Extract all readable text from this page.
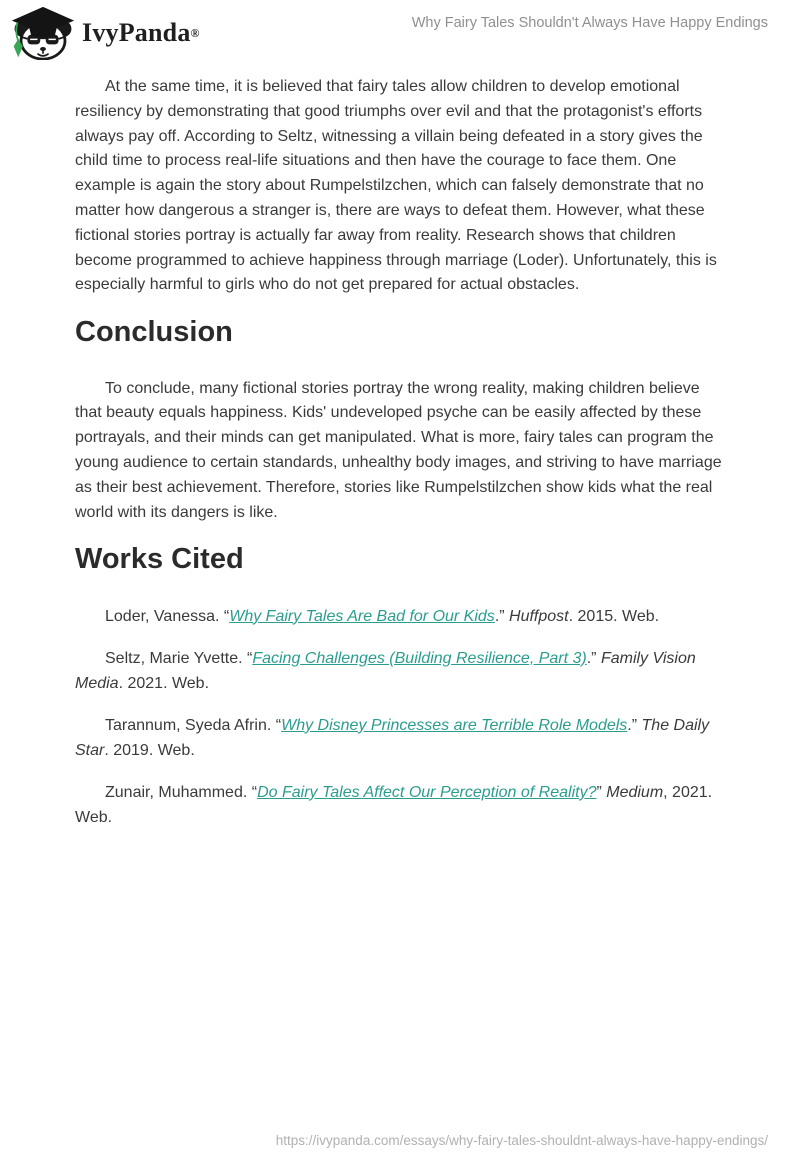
IvyPanda ®
Why Fairy Tales Shouldn't Always Have Happy Endings

At the same time, it is believed that fairy tales allow children to develop emotional resiliency by demonstrating that good triumphs over evil and that the protagonist's efforts always pay off. According to Seltz, witnessing a villain being defeated in a story gives the child time to process real-life situations and then have the courage to face them. One example is again the story about Rumpelstilzchen, which can falsely demonstrate that no matter how dangerous a stranger is, there are ways to defeat them. However, what these fictional stories portray is actually far away from reality. Research shows that children become programmed to achieve happiness through marriage (Loder). Unfortunately, this is especially harmful to girls who do not get prepared for actual obstacles.

Conclusion

To conclude, many fictional stories portray the wrong reality, making children believe that beauty equals happiness. Kids' undeveloped psyche can be easily affected by these portrayals, and their minds can get manipulated. What is more, fairy tales can program the young audience to certain standards, unhealthy body images, and striving to have marriage as their best achievement. Therefore, stories like Rumpelstilzchen show kids what the real world with its dangers is like.

Works Cited

Loder, Vanessa. “Why Fairy Tales Are Bad for Our Kids.” Huffpost. 2015. Web.

Seltz, Marie Yvette. “Facing Challenges (Building Resilience, Part 3).” Family Vision Media. 2021. Web.

Tarannum, Syeda Afrin. “Why Disney Princesses are Terrible Role Models.” The Daily Star. 2019. Web.

Zunair, Muhammed. “Do Fairy Tales Affect Our Perception of Reality?” Medium, 2021. Web.

https://ivypanda.com/essays/why-fairy-tales-shouldnt-always-have-happy-endings/
